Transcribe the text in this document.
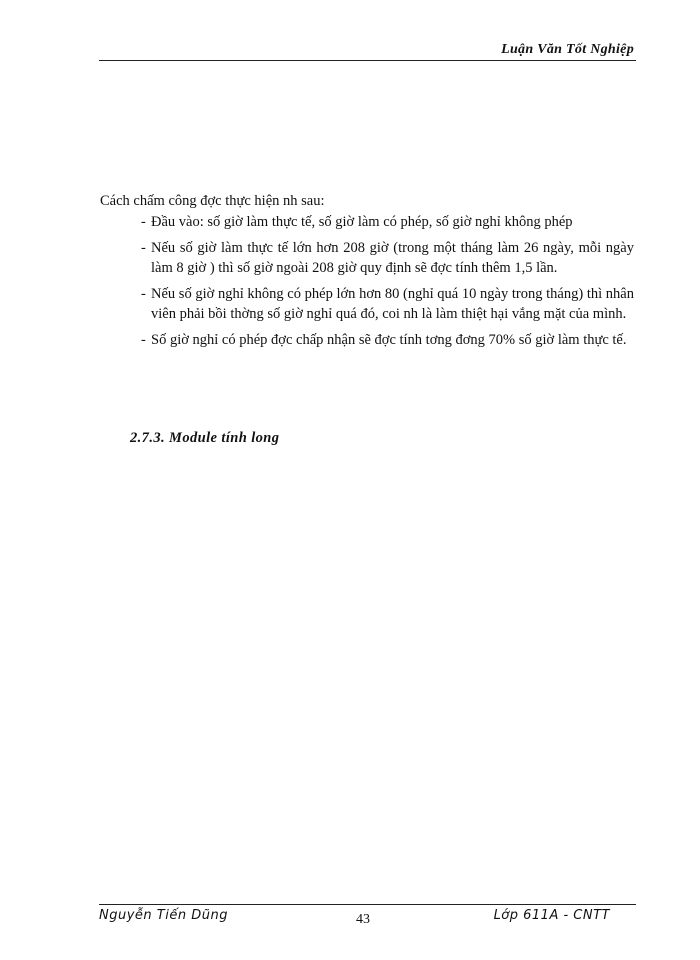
Luận Văn Tốt Nghiệp
Cách chấm công đợc thực hiện nh sau:
- Đầu vào: số giờ làm thực tế, số giờ làm có phép, số giờ nghỉ không phép
- Nếu số giờ làm thực tế lớn hơn 208 giờ (trong một tháng làm 26 ngày, mỗi ngày làm 8 giờ ) thì số giờ ngoài 208 giờ quy định sẽ đợc tính thêm 1,5 lần.
- Nếu số giờ nghỉ không có phép lớn hơn 80 (nghỉ quá 10 ngày trong tháng) thì nhân viên phải bồi thờng số giờ nghỉ quá đó, coi nh là làm thiệt hại vắng mặt của mình.
- Số giờ nghỉ có phép đợc chấp nhận sẽ đợc tính tơng đơng 70% số giờ làm thực tế.
2.7.3. Module tính long
Nguyễn Tiến Dũng	43	Lớp 611A - CNTT
